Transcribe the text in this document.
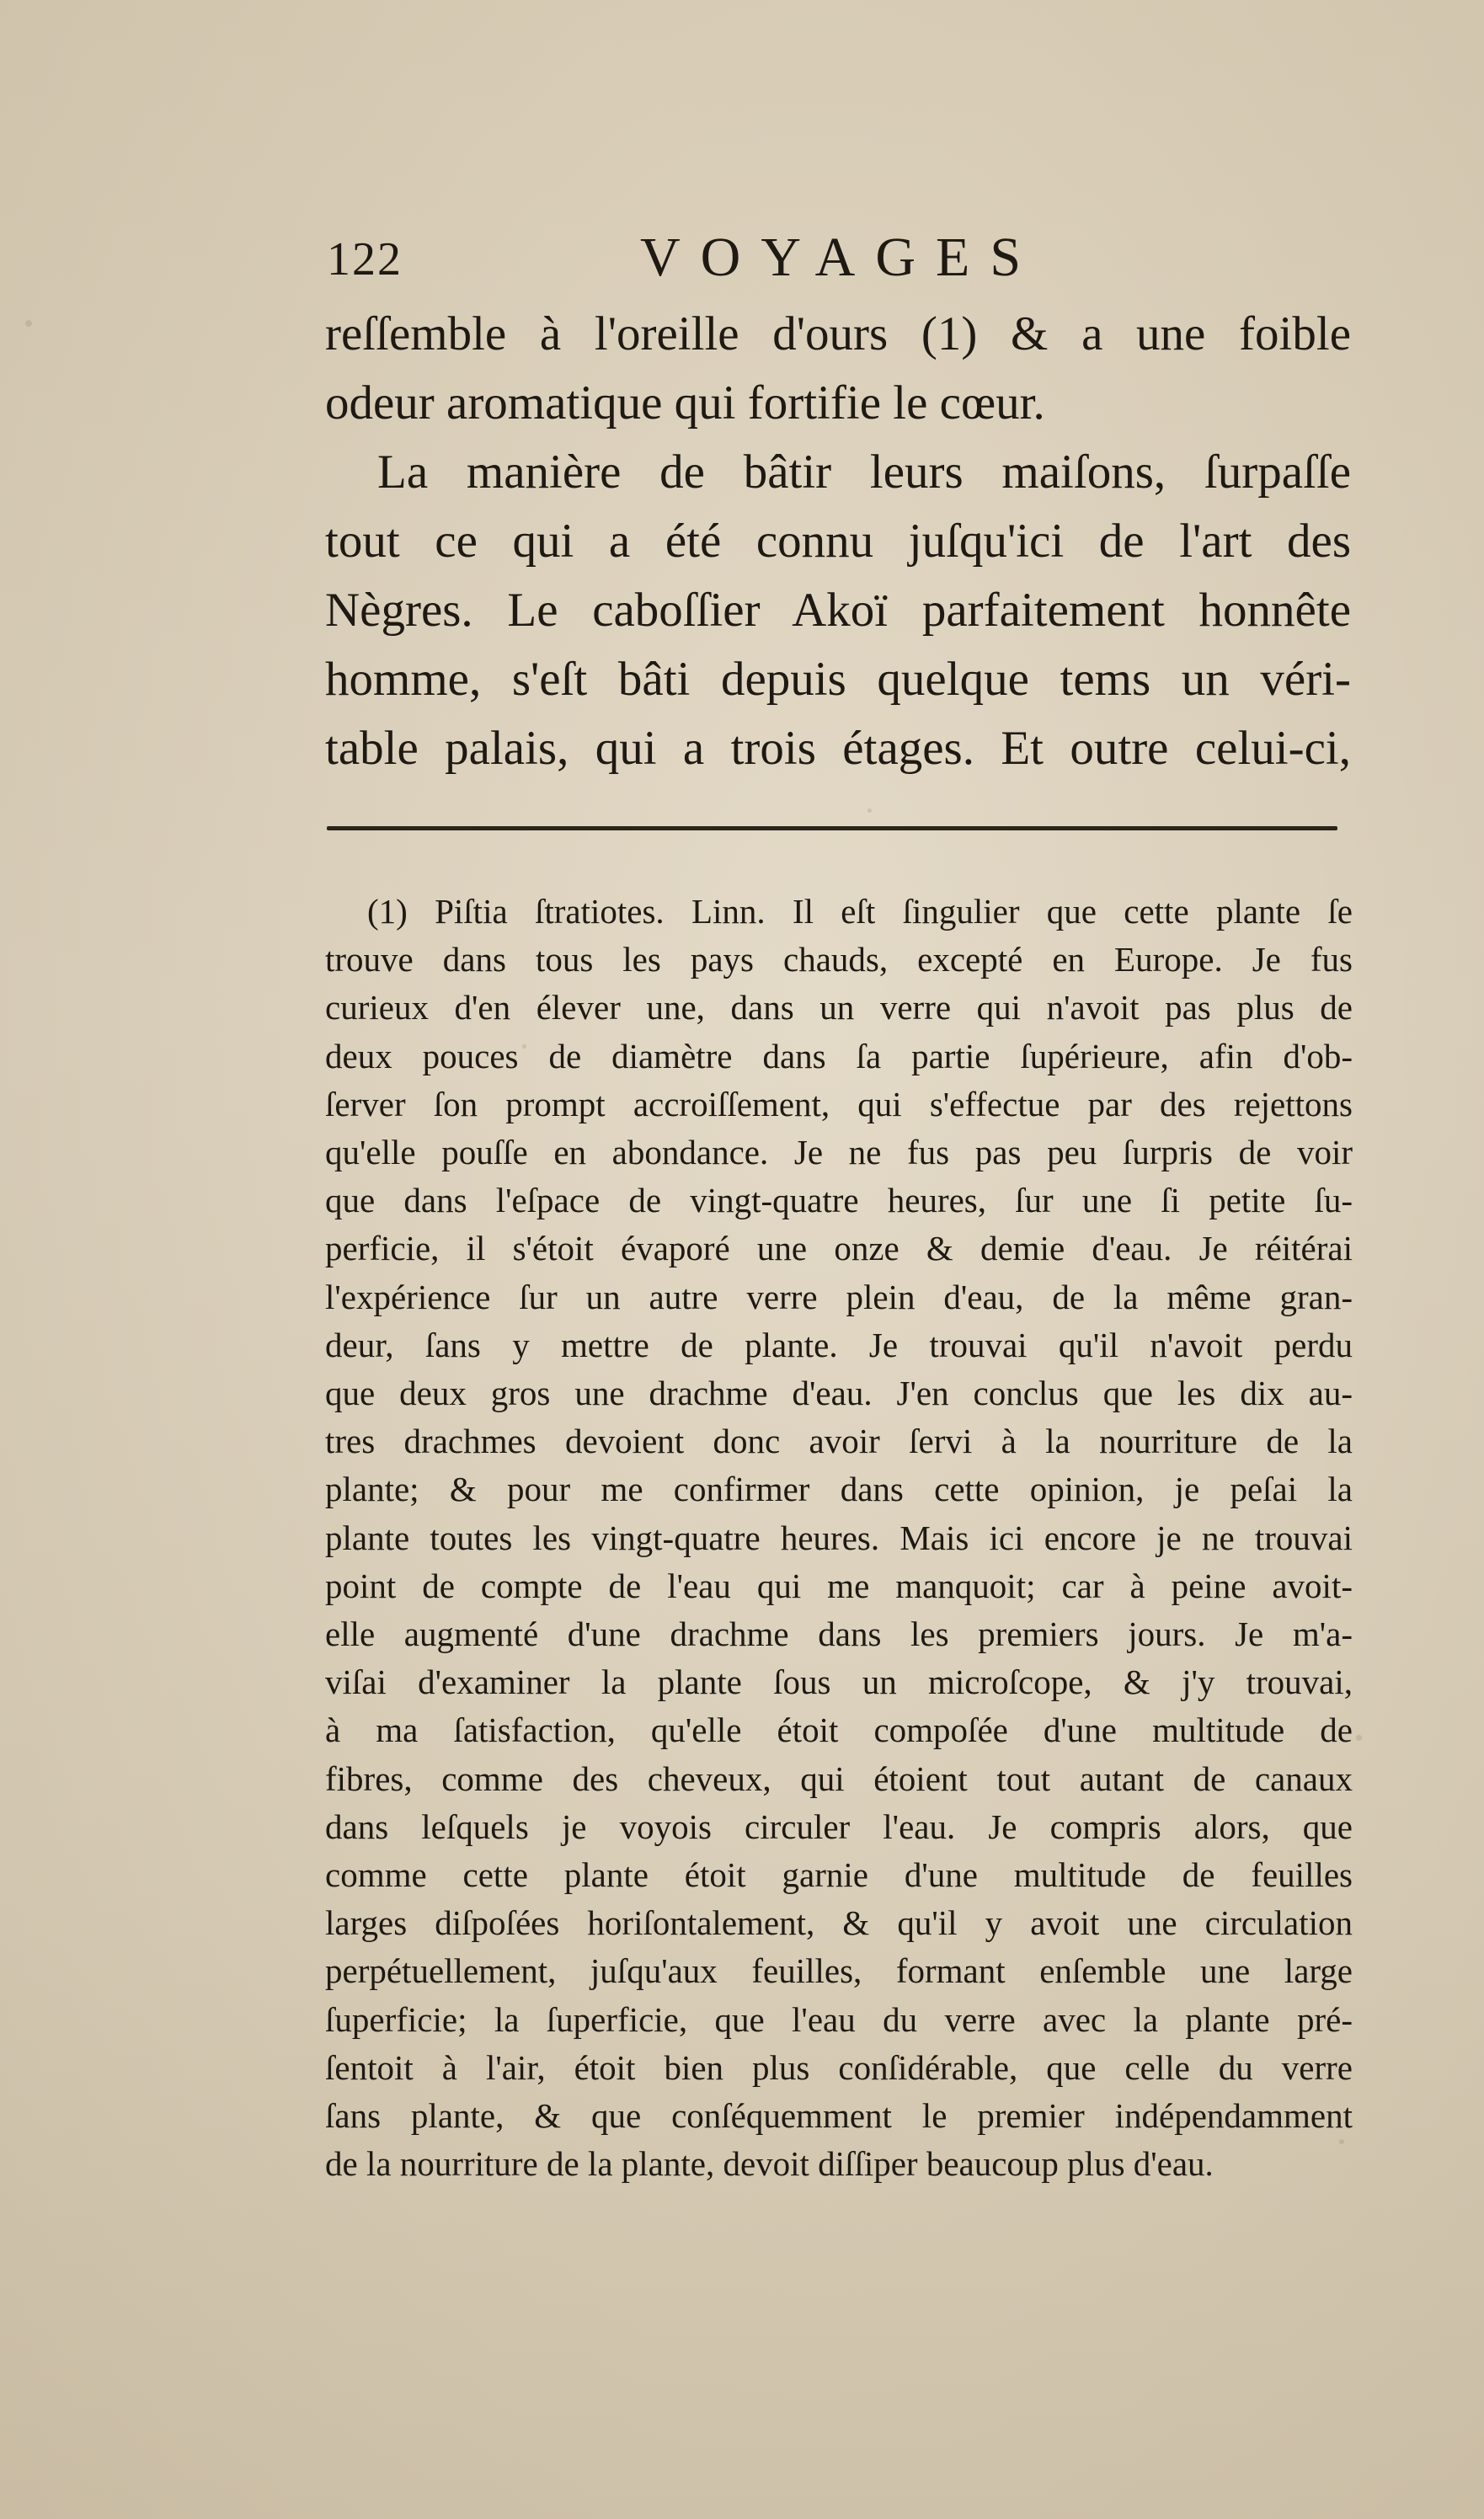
122	VOYAGES
reſſemble à l'oreille d'ours (1) & a une foible
odeur aromatique qui fortifie le cœur.
La manière de bâtir leurs maiſons, ſurpaſſe
tout ce qui a été connu juſqu'ici de l'art des
Nègres. Le caboſſier Akoï parfaitement honnête
homme, s'eſt bâti depuis quelque tems un véri-
table palais, qui a trois étages. Et outre celui-ci,
(1) Piſtia ſtratiotes. Linn. Il eſt ſingulier que cette plante ſe
trouve dans tous les pays chauds, excepté en Europe. Je fus
curieux d'en élever une, dans un verre qui n'avoit pas plus de
deux pouces de diamètre dans ſa partie ſupérieure, afin d'ob-
ſerver ſon prompt accroiſſement, qui s'effectue par des rejettons
qu'elle pouſſe en abondance. Je ne fus pas peu ſurpris de voir
que dans l'eſpace de vingt-quatre heures, ſur une ſi petite ſu-
perficie, il s'étoit évaporé une onze & demie d'eau. Je réitérai
l'expérience ſur un autre verre plein d'eau, de la même gran-
deur, ſans y mettre de plante. Je trouvai qu'il n'avoit perdu
que deux gros une drachme d'eau. J'en conclus que les dix au-
tres drachmes devoient donc avoir ſervi à la nourriture de la
plante; & pour me confirmer dans cette opinion, je peſai la
plante toutes les vingt-quatre heures. Mais ici encore je ne trouvai
point de compte de l'eau qui me manquoit; car à peine avoit-
elle augmenté d'une drachme dans les premiers jours. Je m'a-
viſai d'examiner la plante ſous un microſcope, & j'y trouvai,
à ma ſatisfaction, qu'elle étoit compoſée d'une multitude de
fibres, comme des cheveux, qui étoient tout autant de canaux
dans leſquels je voyois circuler l'eau. Je compris alors, que
comme cette plante étoit garnie d'une multitude de feuilles
larges diſpoſées horiſontalement, & qu'il y avoit une circulation
perpétuellement, juſqu'aux feuilles, formant enſemble une large
ſuperficie; la ſuperficie, que l'eau du verre avec la plante pré-
ſentoit à l'air, étoit bien plus conſidérable, que celle du verre
ſans plante, & que conſéquemment le premier indépendamment
de la nourriture de la plante, devoit diſſiper beaucoup plus d'eau.
